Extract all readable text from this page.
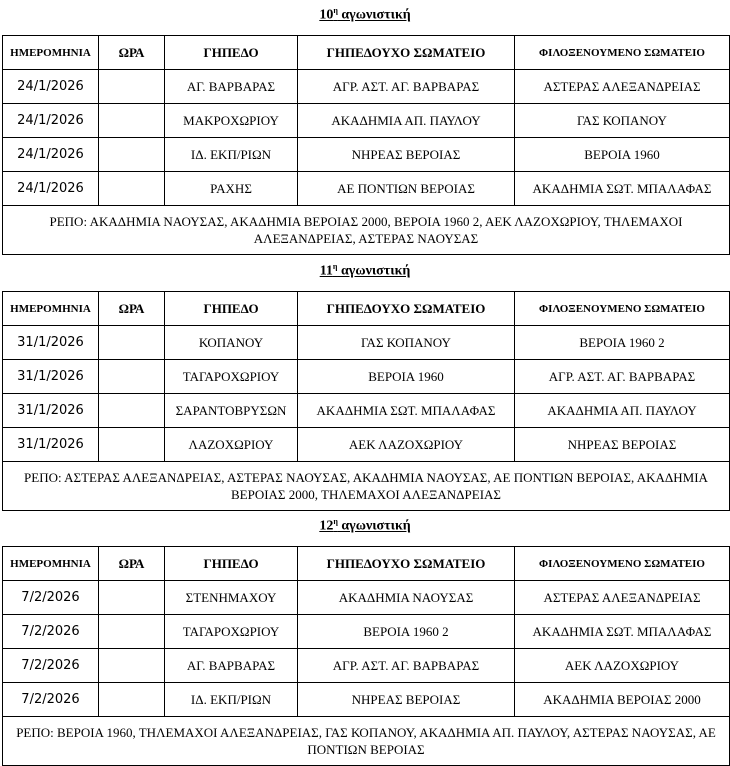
$10^\eta$ αγωνιστική
ΗΜΕΡΟΜΗΝΙΑ	ΩΡΑ	ΓΗΠΕΔΟ	ΓΗΠΕΔΟΥΧΟ ΣΩΜΑΤΕΙΟ	ΦΙΛΟΞΕΝΟΥΜΕΝΟ ΣΩΜΑΤΕΙΟ
24/1/2026		ΑΓ. ΒΑΡΒΑΡΑΣ	ΑΓΡ. ΑΣΤ. ΑΓ. ΒΑΡΒΑΡΑΣ	ΑΣΤΕΡΑΣ ΑΛΕΞΑΝΔΡΕΙΑΣ
24/1/2026		ΜΑΚΡΟΧΩΡΙΟΥ	ΑΚΑΔΗΜΙΑ ΑΠ. ΠΑΥΛΟΥ	ΓΑΣ ΚΟΠΑΝΟΥ
24/1/2026		ΙΔ. ΕΚΠ/ΡΙΩΝ	ΝΗΡΕΑΣ ΒΕΡΟΙΑΣ	ΒΕΡΟΙΑ 1960
24/1/2026		ΡΑΧΗΣ	ΑΕ ΠΟΝΤΙΩΝ ΒΕΡΟΙΑΣ	ΑΚΑΔΗΜΙΑ ΣΩΤ. ΜΠΑΛΑΦΑΣ
ΡΕΠΟ: ΑΚΑΔΗΜΙΑ ΝΑΟΥΣΑΣ, ΑΚΑΔΗΜΙΑ ΒΕΡΟΙΑΣ 2000, ΒΕΡΟΙΑ 1960 2, ΑΕΚ ΛΑΖΟΧΩΡΙΟΥ, ΤΗΛΕΜΑΧΟΙ ΑΛΕΞΑΝΔΡΕΙΑΣ, ΑΣΤΕΡΑΣ ΝΑΟΥΣΑΣ				
$11^\eta$ αγωνιστική
ΗΜΕΡΟΜΗΝΙΑ	ΩΡΑ	ΓΗΠΕΔΟ	ΓΗΠΕΔΟΥΧΟ ΣΩΜΑΤΕΙΟ	ΦΙΛΟΞΕΝΟΥΜΕΝΟ ΣΩΜΑΤΕΙΟ
31/1/2026		ΚΟΠΑΝΟΥ	ΓΑΣ ΚΟΠΑΝΟΥ	ΒΕΡΟΙΑ 1960 2
31/1/2026		ΤΑΓΑΡΟΧΩΡΙΟΥ	ΒΕΡΟΙΑ 1960	ΑΓΡ. ΑΣΤ. ΑΓ. ΒΑΡΒΑΡΑΣ
31/1/2026		ΣΑΡΑΝΤΟΒΡΥΣΩΝ	ΑΚΑΔΗΜΙΑ ΣΩΤ. ΜΠΑΛΑΦΑΣ	ΑΚΑΔΗΜΙΑ ΑΠ. ΠΑΥΛΟΥ
31/1/2026		ΛΑΖΟΧΩΡΙΟΥ	ΑΕΚ ΛΑΖΟΧΩΡΙΟΥ	ΝΗΡΕΑΣ ΒΕΡΟΙΑΣ
ΡΕΠΟ: ΑΣΤΕΡΑΣ ΑΛΕΞΑΝΔΡΕΙΑΣ, ΑΣΤΕΡΑΣ ΝΑΟΥΣΑΣ, ΑΚΑΔΗΜΙΑ ΝΑΟΥΣΑΣ, ΑΕ ΠΟΝΤΙΩΝ ΒΕΡΟΙΑΣ, ΑΚΑΔΗΜΙΑ ΒΕΡΟΙΑΣ 2000, ΤΗΛΕΜΑΧΟΙ ΑΛΕΞΑΝΔΡΕΙΑΣ				
$12^\eta$ αγωνιστική
ΗΜΕΡΟΜΗΝΙΑ	ΩΡΑ	ΓΗΠΕΔΟ	ΓΗΠΕΔΟΥΧΟ ΣΩΜΑΤΕΙΟ	ΦΙΛΟΞΕΝΟΥΜΕΝΟ ΣΩΜΑΤΕΙΟ
7/2/2026		ΣΤΕΝΗΜΑΧΟΥ	ΑΚΑΔΗΜΙΑ ΝΑΟΥΣΑΣ	ΑΣΤΕΡΑΣ ΑΛΕΞΑΝΔΡΕΙΑΣ
7/2/2026		ΤΑΓΑΡΟΧΩΡΙΟΥ	ΒΕΡΟΙΑ 1960 2	ΑΚΑΔΗΜΙΑ ΣΩΤ. ΜΠΑΛΑΦΑΣ
7/2/2026		ΑΓ. ΒΑΡΒΑΡΑΣ	ΑΓΡ. ΑΣΤ. ΑΓ. ΒΑΡΒΑΡΑΣ	ΑΕΚ ΛΑΖΟΧΩΡΙΟΥ
7/2/2026		ΙΔ. ΕΚΠ/ΡΙΩΝ	ΝΗΡΕΑΣ ΒΕΡΟΙΑΣ	ΑΚΑΔΗΜΙΑ ΒΕΡΟΙΑΣ 2000
ΡΕΠΟ: ΒΕΡΟΙΑ 1960, ΤΗΛΕΜΑΧΟΙ ΑΛΕΞΑΝΔΡΕΙΑΣ, ΓΑΣ ΚΟΠΑΝΟΥ, ΑΚΑΔΗΜΙΑ ΑΠ. ΠΑΥΛΟΥ, ΑΣΤΕΡΑΣ ΝΑΟΥΣΑΣ, ΑΕ ΠΟΝΤΙΩΝ ΒΕΡΟΙΑΣ				
